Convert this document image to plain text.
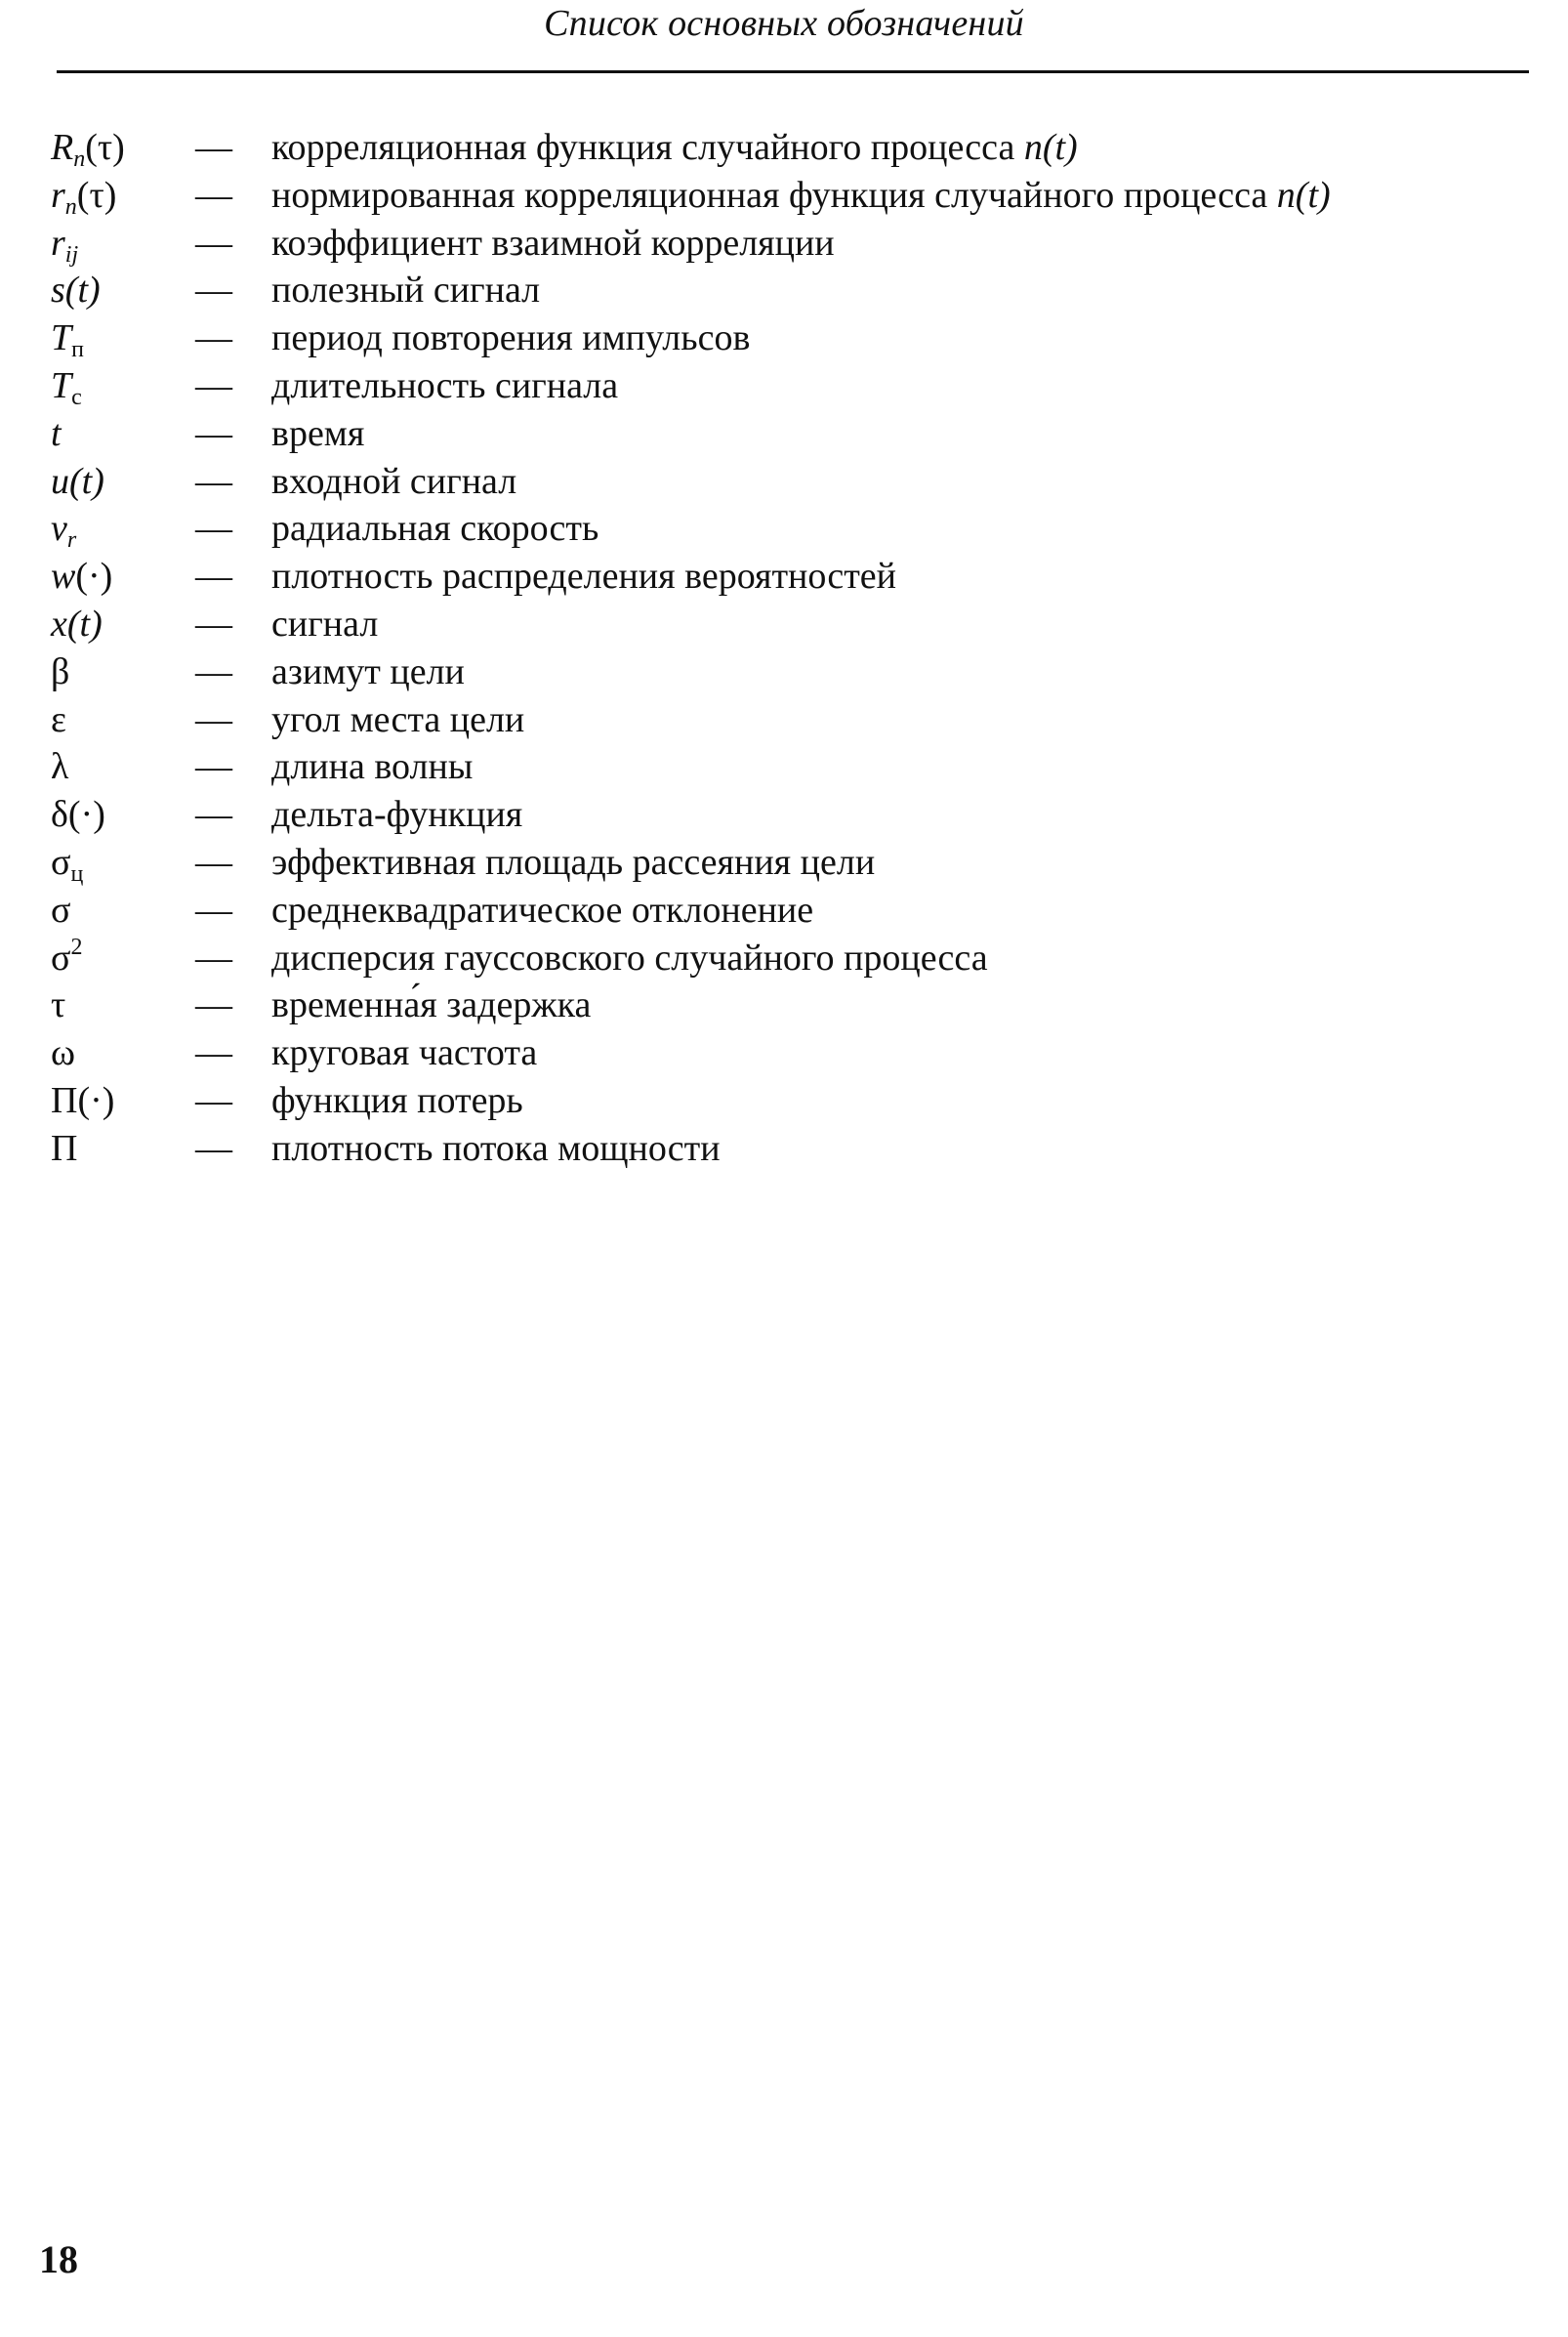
Список основных обозначений
$R_n(\tau)$	—	корреляционная функция случайного процесса n(t)
$r_n(\tau)$	—	нормированная корреляционная функция случайного процесса n(t)
$r_{ij}$	—	коэффициент взаимной корреляции
s(t)	—	полезный сигнал
$T_п$	—	период повторения импульсов
$T_с$	—	длительность сигнала
t	—	время
u(t)	—	входной сигнал
$v_r$	—	радиальная скорость
w(·)	—	плотность распределения вероятностей
x(t)	—	сигнал
β	—	азимут цели
ε	—	угол места цели
λ	—	длина волны
δ(·)	—	дельта-функция
$\sigma_ц$	—	эффективная площадь рассеяния цели
σ	—	среднеквадратическое отклонение
$\sigma^2$	—	дисперсия гауссовского случайного процесса
τ	—	временна́я задержка
ω	—	круговая частота
П(·)	—	функция потерь
П	—	плотность потока мощности
18
